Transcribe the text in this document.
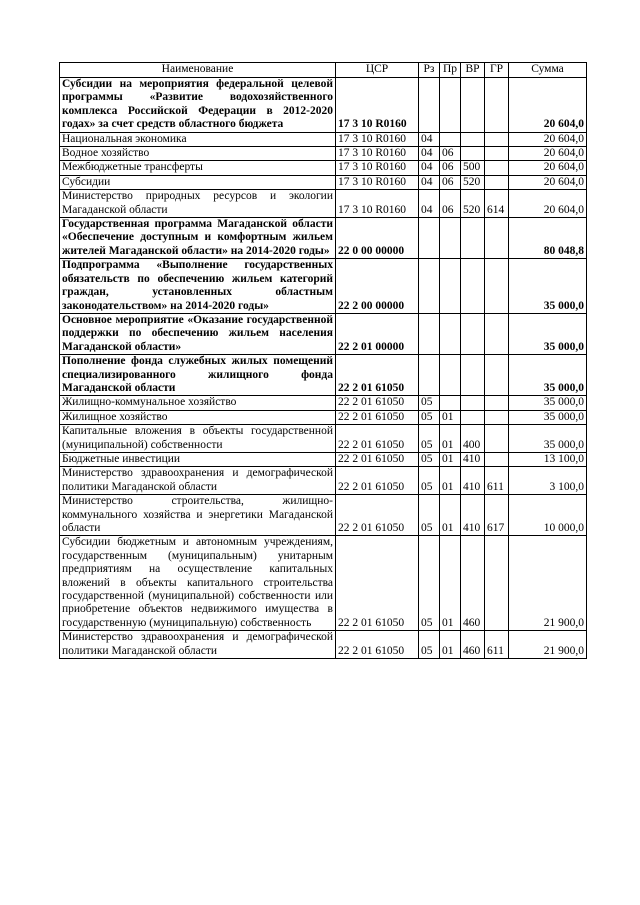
Наименование	ЦСР	Рз	Пр	ВР	ГР	Сумма
Субсидии на мероприятия федеральной целевой программы «Развитие водохозяйственного комплекса Российской Федерации в 2012-2020 годах» за счет средств областного бюджета	17 3 10 R0160					20 604,0
Национальная экономика	17 3 10 R0160	04				20 604,0
Водное хозяйство	17 3 10 R0160	04	06			20 604,0
Межбюджетные трансферты	17 3 10 R0160	04	06	500		20 604,0
Субсидии	17 3 10 R0160	04	06	520		20 604,0
Министерство природных ресурсов и экологии Магаданской области	17 3 10 R0160	04	06	520	614	20 604,0
Государственная программа Магаданской области «Обеспечение доступным и комфортным жильем жителей Магаданской области» на 2014-2020 годы»	22 0 00 00000					80 048,8
Подпрограмма «Выполнение государственных обязательств по обеспечению жильем категорий граждан, установленных областным законодательством» на 2014-2020 годы»	22 2 00 00000					35 000,0
Основное мероприятие «Оказание государственной поддержки по обеспечению жильем населения Магаданской области»	22 2 01 00000					35 000,0
Пополнение фонда служебных жилых помещений специализированного жилищного фонда Магаданской области	22 2 01 61050					35 000,0
Жилищно-коммунальное хозяйство	22 2 01 61050	05				35 000,0
Жилищное хозяйство	22 2 01 61050	05	01			35 000,0
Капитальные вложения в объекты государственной (муниципальной) собственности	22 2 01 61050	05	01	400		35 000,0
Бюджетные инвестиции	22 2 01 61050	05	01	410		13 100,0
Министерство здравоохранения и демографической политики Магаданской области	22 2 01 61050	05	01	410	611	3 100,0
Министерство строительства, жилищно-коммунального хозяйства и энергетики Магаданской области	22 2 01 61050	05	01	410	617	10 000,0
Субсидии бюджетным и автономным учреждениям, государственным (муниципальным) унитарным предприятиям на осуществление капитальных вложений в объекты капитального строительства государственной (муниципальной) собственности или приобретение объектов недвижимого имущества в государственную (муниципальную) собственность	22 2 01 61050	05	01	460		21 900,0
Министерство здравоохранения и демографической политики Магаданской области	22 2 01 61050	05	01	460	611	21 900,0
